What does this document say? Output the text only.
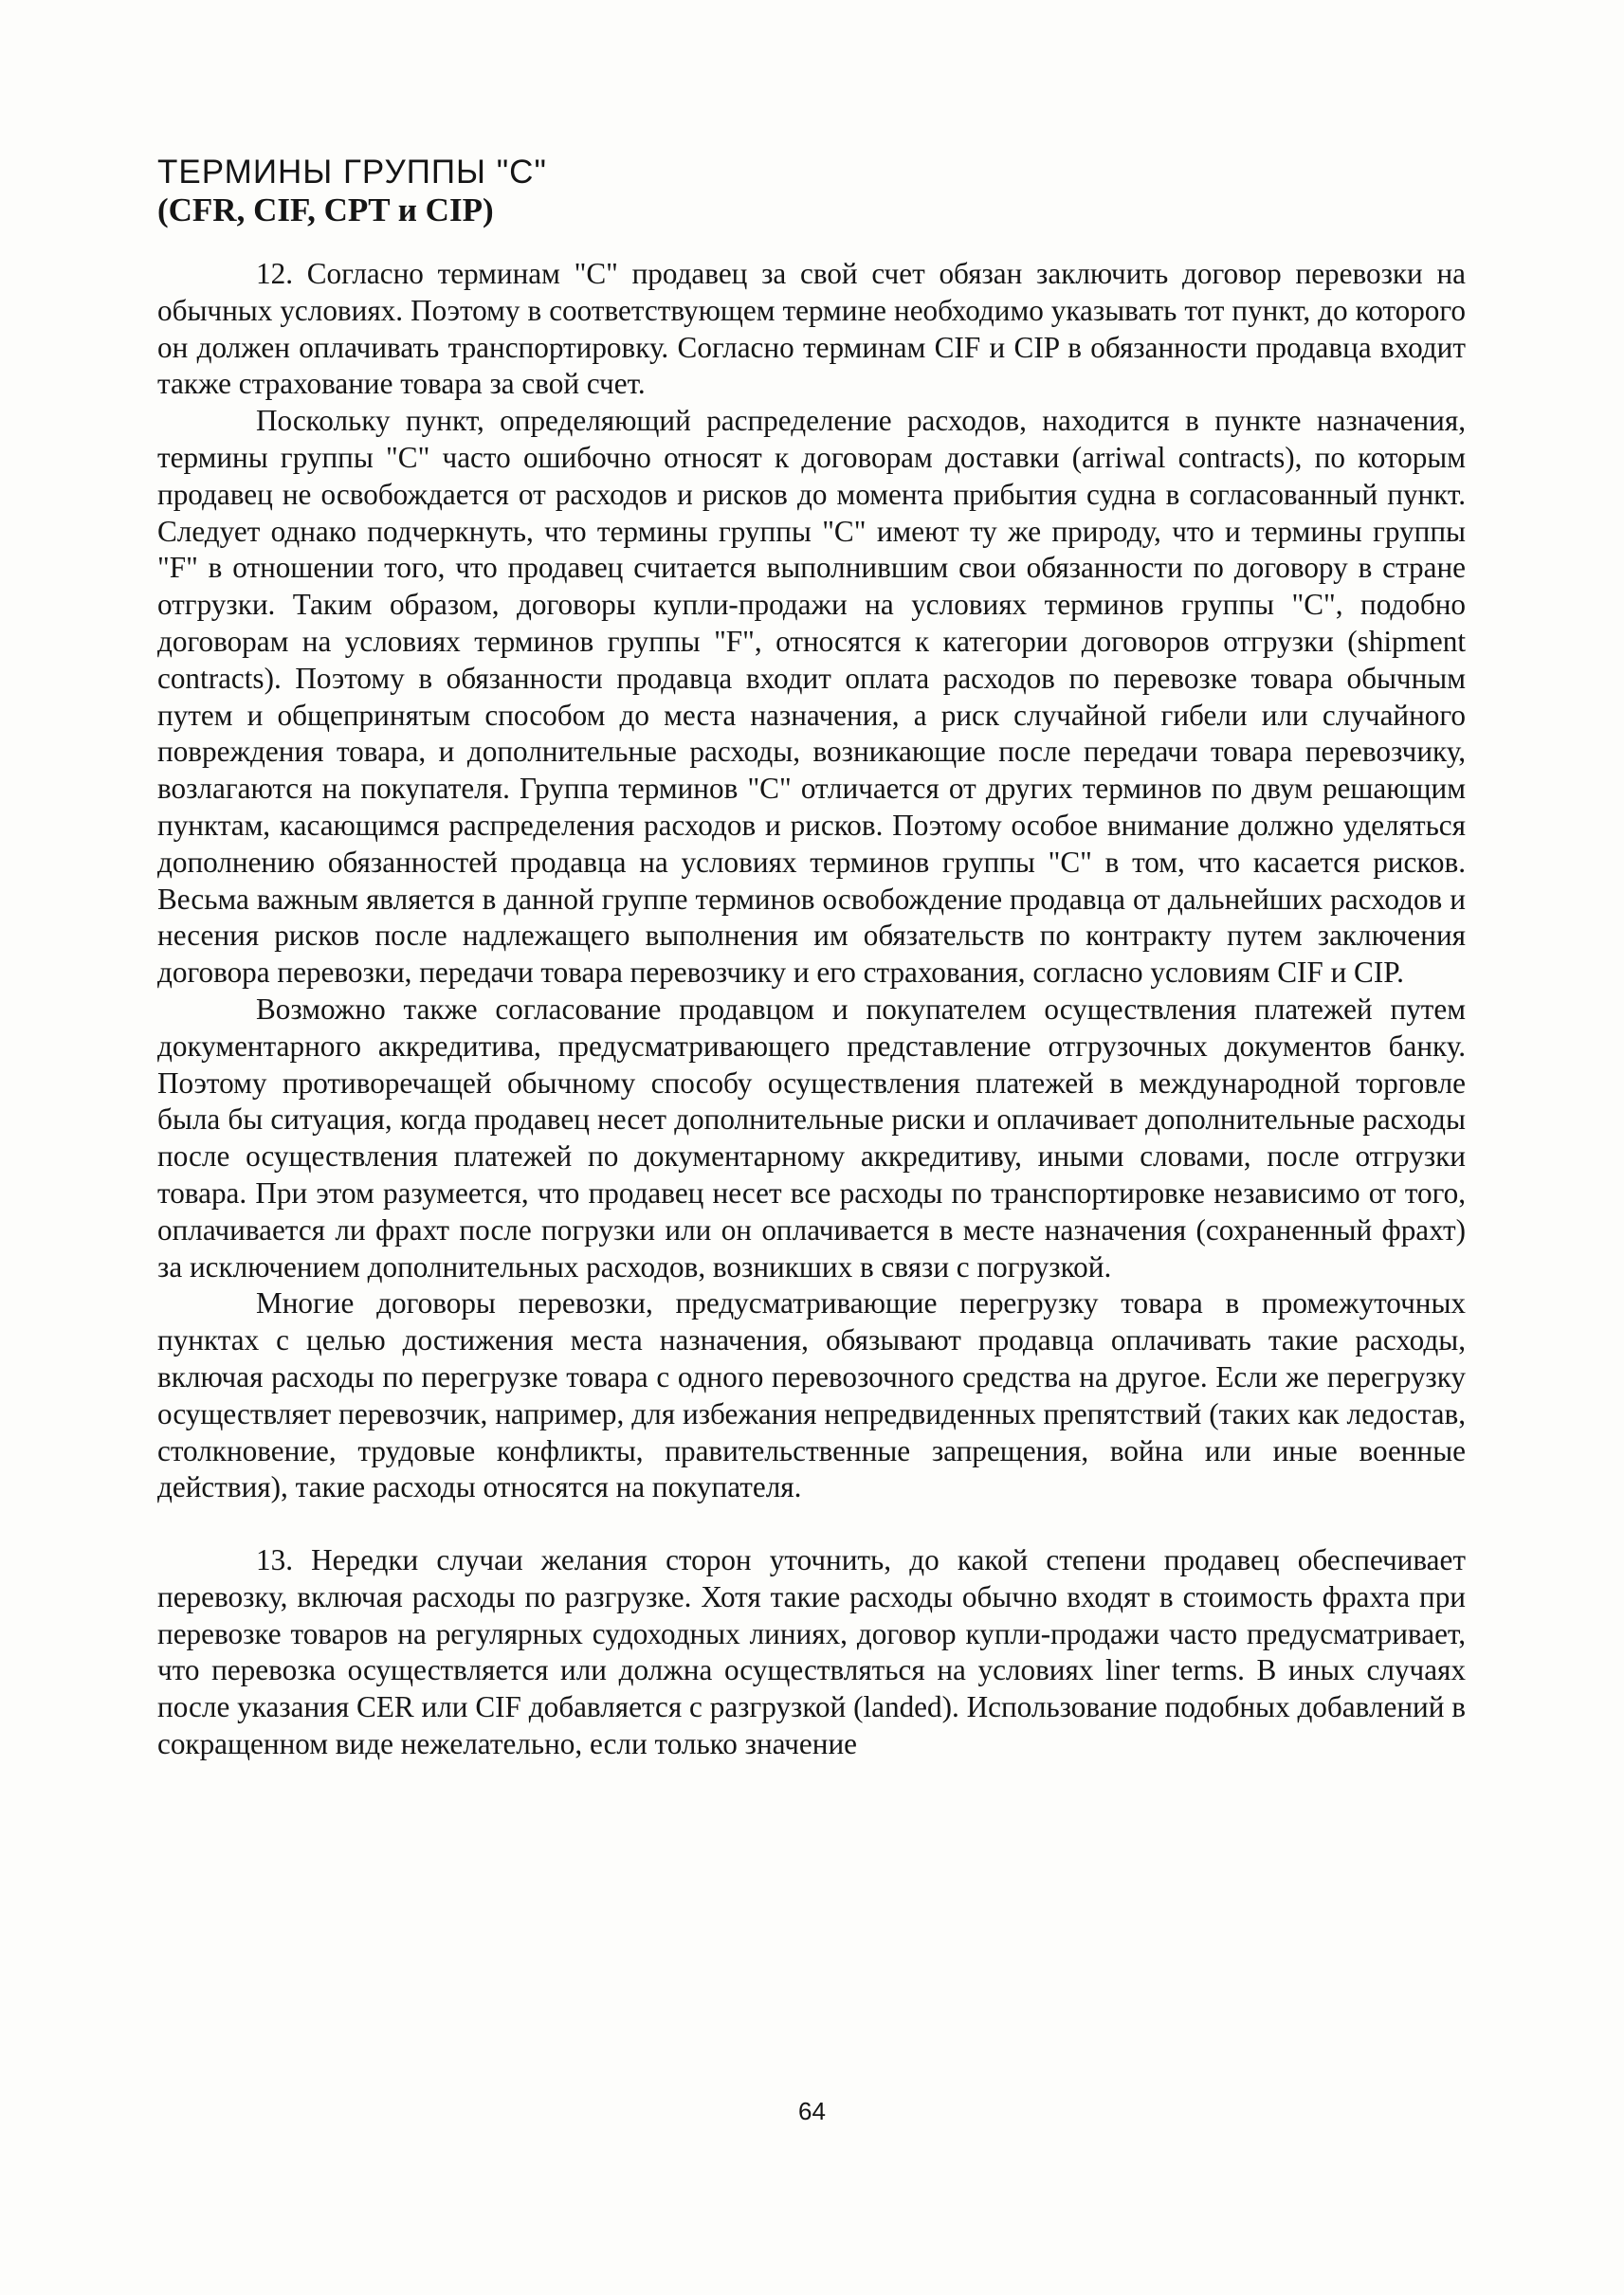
ТЕРМИНЫ ГРУППЫ "С"
(CFR, CIF, CPT и CIP)

12. Согласно терминам "С" продавец за свой счет обязан заключить договор перевозки на обычных условиях. Поэтому в соответствующем термине необходимо указывать тот пункт, до которого он должен оплачивать транспортировку. Согласно терминам CIF и CIP в обязанности продавца входит также страхование товара за свой счет.

Поскольку пункт, определяющий распределение расходов, находится в пункте назначения, термины группы "С" часто ошибочно относят к договорам доставки (arriwal contracts), по которым продавец не освобождается от расходов и рисков до момента прибытия судна в согласованный пункт. Следует однако подчеркнуть, что термины группы "С" имеют ту же природу, что и термины группы "F" в отношении того, что продавец считается выполнившим свои обязанности по договору в стране отгрузки. Таким образом, договоры купли-продажи на условиях терминов группы "С", подобно договорам на условиях терминов группы "F", относятся к категории договоров отгрузки (shipment contracts). Поэтому в обязанности продавца входит оплата расходов по перевозке товара обычным путем и общепринятым способом до места назначения, а риск случайной гибели или случайного повреждения товара, и дополнительные расходы, возникающие после передачи товара перевозчику, возлагаются на покупателя. Группа терминов "С" отличается от других терминов по двум решающим пунктам, касающимся распределения расходов и рисков. Поэтому особое внимание должно уделяться дополнению обязанностей продавца на условиях терминов группы "С" в том, что касается рисков. Весьма важным является в данной группе терминов освобождение продавца от дальнейших расходов и несения рисков после надлежащего выполнения им обязательств по контракту путем заключения договора перевозки, передачи товара перевозчику и его страхования, согласно условиям CIF и CIP.

Возможно также согласование продавцом и покупателем осуществления платежей путем документарного аккредитива, предусматривающего представление отгрузочных документов банку. Поэтому противоречащей обычному способу осуществления платежей в международной торговле была бы ситуация, когда продавец несет дополнительные риски и оплачивает дополнительные расходы после осуществления платежей по документарному аккредитиву, иными словами, после отгрузки товара. При этом разумеется, что продавец несет все расходы по транспортировке независимо от того, оплачивается ли фрахт после погрузки или он оплачивается в месте назначения (сохраненный фрахт) за исключением дополнительных расходов, возникших в связи с погрузкой.

Многие договоры перевозки, предусматривающие перегрузку товара в промежуточных пунктах с целью достижения места назначения, обязывают продавца оплачивать такие расходы, включая расходы по перегрузке товара с одного перевозочного средства на другое. Если же перегрузку осуществляет перевозчик, например, для избежания непредвиденных препятствий (таких как ледостав, столкновение, трудовые конфликты, правительственные запрещения, война или иные военные действия), такие расходы относятся на покупателя.

13. Нередки случаи желания сторон уточнить, до какой степени продавец обеспечивает перевозку, включая расходы по разгрузке. Хотя такие расходы обычно входят в стоимость фрахта при перевозке товаров на регулярных судоходных линиях, договор купли-продажи часто предусматривает, что перевозка осуществляется или должна осуществляться на условиях liner terms. В иных случаях после указания CER или CIF добавляется с разгрузкой (landed). Использование подобных добавлений в сокращенном виде нежелательно, если только значение

64
